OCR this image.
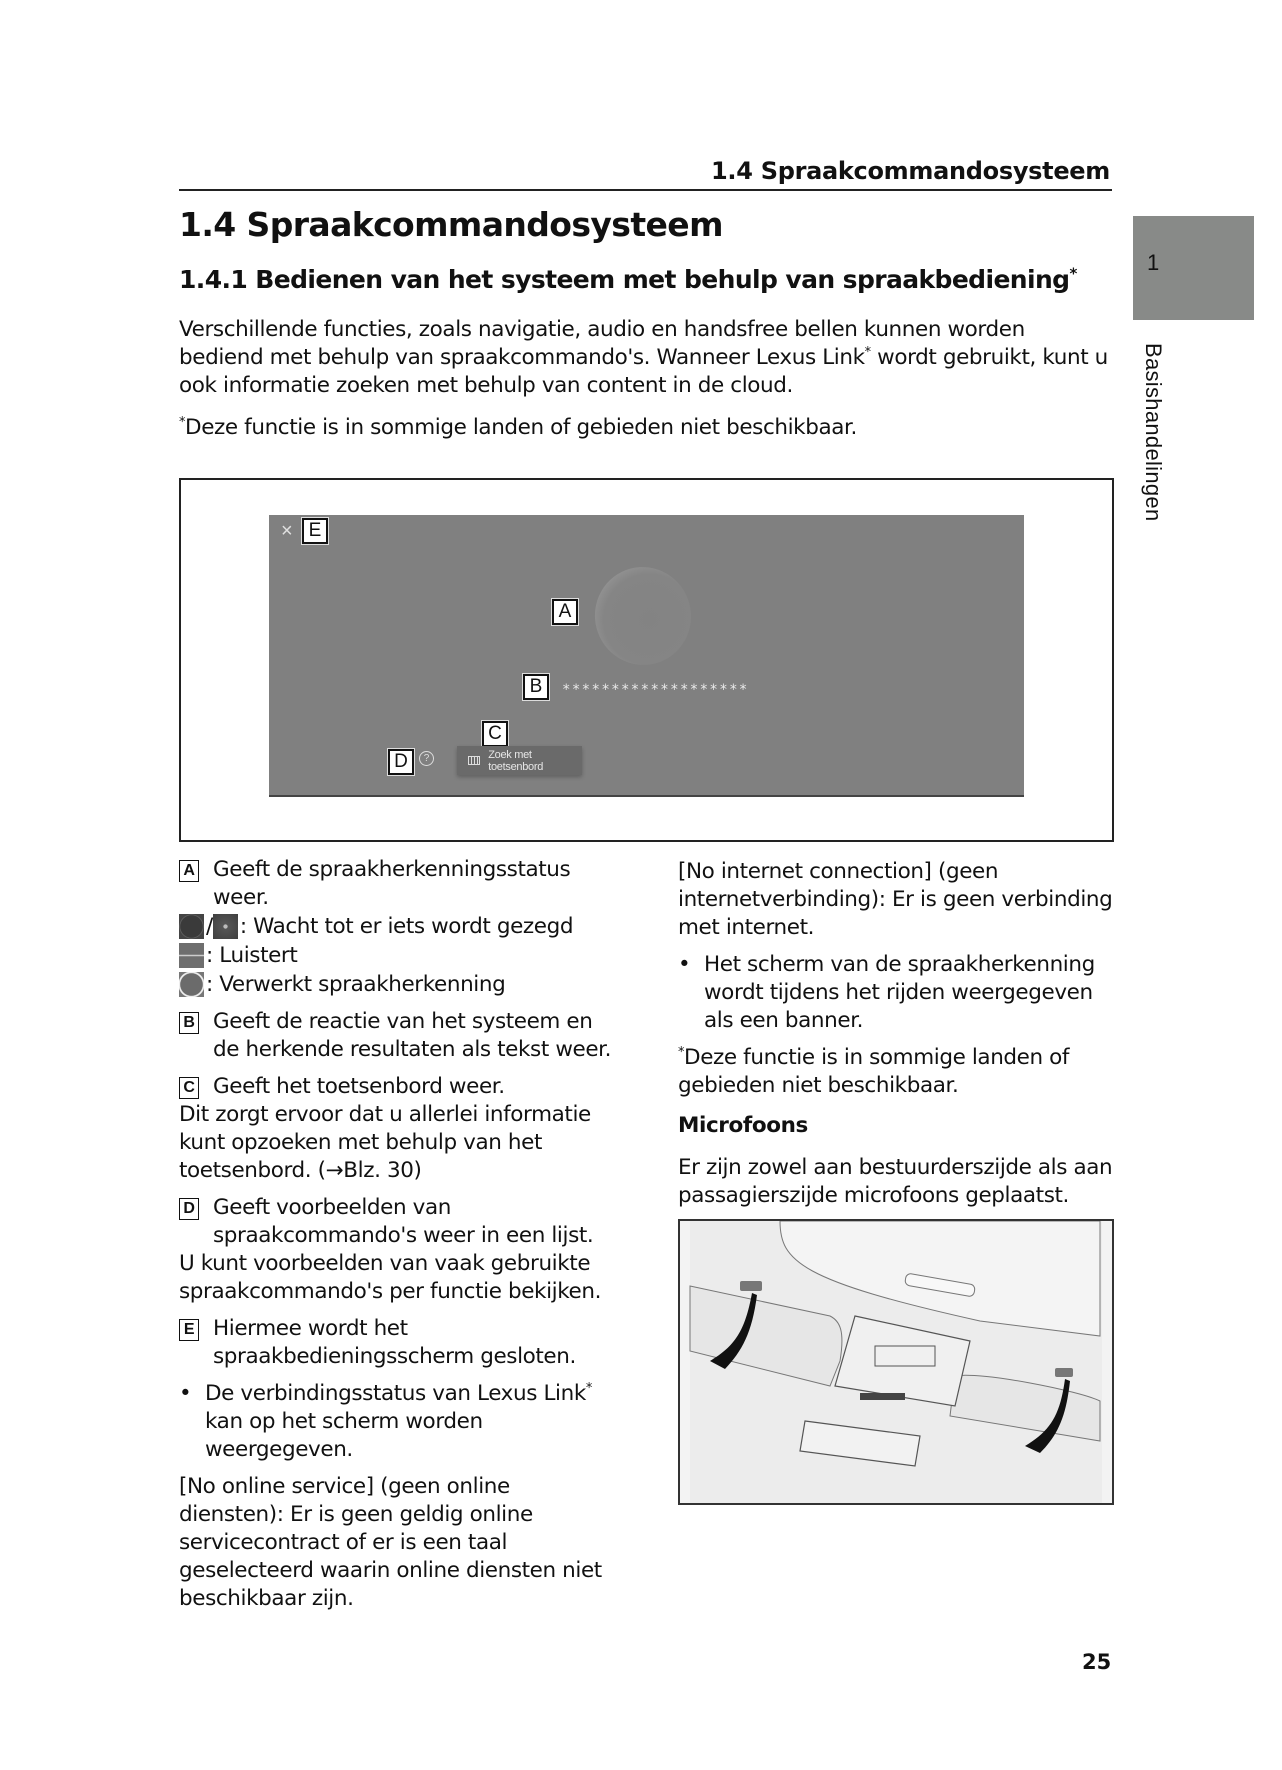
1.4 Spraakcommandosysteem
1
Basishandelingen
1.4 Spraakcommandosysteem
1.4.1 Bedienen van het systeem met behulp van spraakbediening*

Verschillende functies, zoals navigatie, audio en handsfree bellen kunnen worden bediend met behulp van spraakcommando's. Wanneer Lexus Link* wordt gebruikt, kunt u ook informatie zoeken met behulp van content in de cloud.

*Deze functie is in sommige landen of gebieden niet beschikbaar.

× E
A
B	*******************
C
D	?	Zoek met toetsenbord
A Geeft de spraakherkenningsstatus weer.
/ : Wacht tot er iets wordt gezegd
: Luistert
: Verwerkt spraakherkenning
B Geeft de reactie van het systeem en de herkende resultaten als tekst weer.
C Geeft het toetsenbord weer.
Dit zorgt ervoor dat u allerlei informatie kunt opzoeken met behulp van het toetsenbord. (→Blz. 30)
D Geeft voorbeelden van spraakcommando's weer in een lijst.
U kunt voorbeelden van vaak gebruikte spraakcommando's per functie bekijken.
E Hiermee wordt het spraakbedieningsscherm gesloten.
• De verbindingsstatus van Lexus Link* kan op het scherm worden weergegeven.

[No online service] (geen online diensten): Er is geen geldig online servicecontract of er is een taal geselecteerd waarin online diensten niet beschikbaar zijn.

[No internet connection] (geen internetverbinding): Er is geen verbinding met internet.

• Het scherm van de spraakherkenning wordt tijdens het rijden weergegeven als een banner.

*Deze functie is in sommige landen of gebieden niet beschikbaar.

Microfoons

Er zijn zowel aan bestuurderszijde als aan passagierszijde microfoons geplaatst.

25
